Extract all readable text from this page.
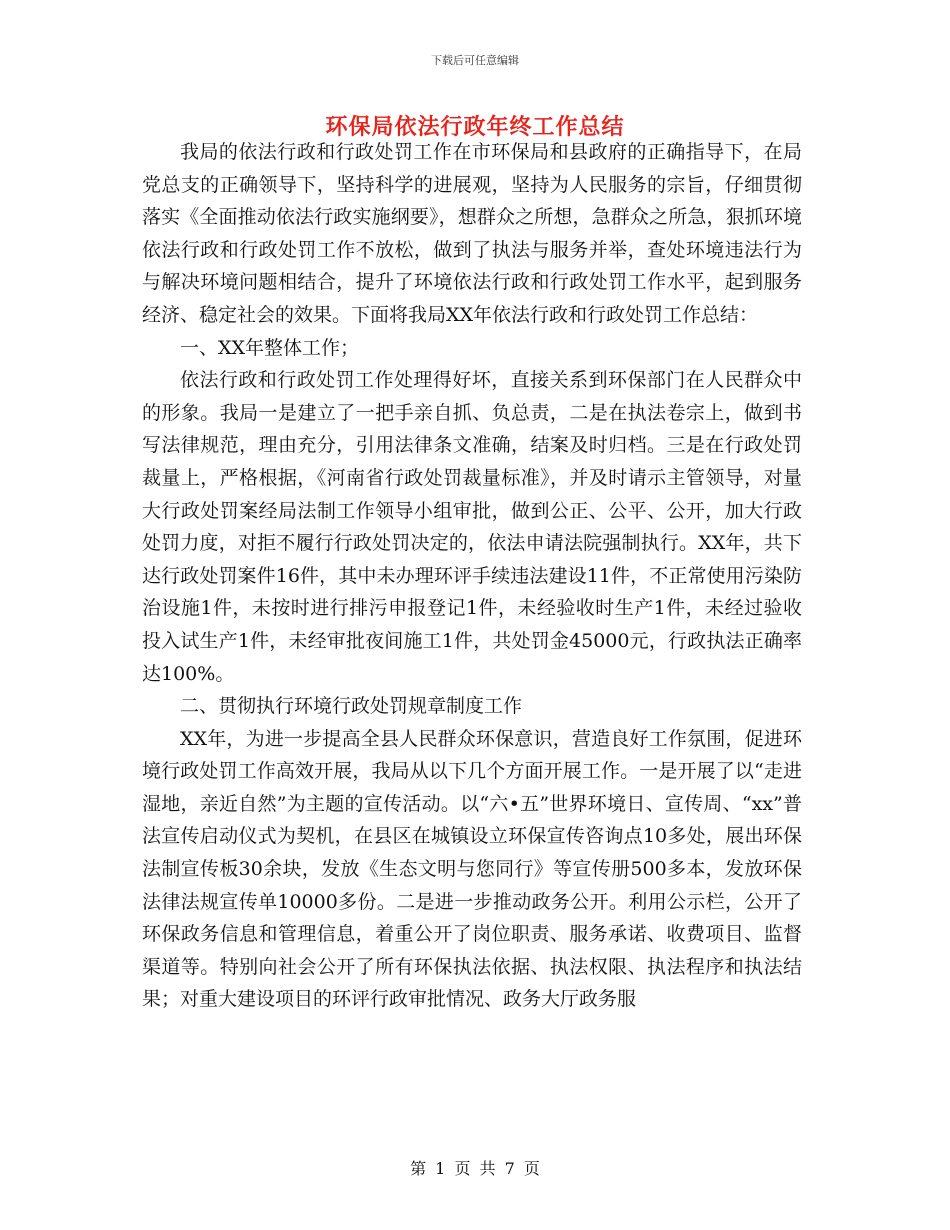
下载后可任意编辑
环保局依法行政年终工作总结

我局的依法行政和行政处罚工作在市环保局和县政府的正确指导下，在局党总支的正确领导下，坚持科学的进展观，坚持为人民服务的宗旨，仔细贯彻落实《全面推动依法行政实施纲要》，想群众之所想，急群众之所急，狠抓环境依法行政和行政处罚工作不放松，做到了执法与服务并举，查处环境违法行为与解决环境问题相结合，提升了环境依法行政和行政处罚工作水平，起到服务经济、稳定社会的效果。下面将我局XX年依法行政和行政处罚工作总结：

一、XX年整体工作；

依法行政和行政处罚工作处理得好坏，直接关系到环保部门在人民群众中的形象。我局一是建立了一把手亲自抓、负总责，二是在执法卷宗上，做到书写法律规范，理由充分，引用法律条文准确，结案及时归档。三是在行政处罚裁量上，严格根据，《河南省行政处罚裁量标准》，并及时请示主管领导，对量大行政处罚案经局法制工作领导小组审批，做到公正、公平、公开，加大行政处罚力度，对拒不履行行政处罚决定的，依法申请法院强制执行。XX年，共下达行政处罚案件16件，其中未办理环评手续违法建设11件，不正常使用污染防治设施1件，未按时进行排污申报登记1件，未经验收时生产1件，未经过验收投入试生产1件，未经审批夜间施工1件，共处罚金45000元，行政执法正确率达100%。

二、贯彻执行环境行政处罚规章制度工作

XX年，为进一步提高全县人民群众环保意识，营造良好工作氛围，促进环境行政处罚工作高效开展，我局从以下几个方面开展工作。一是开展了以“走进湿地，亲近自然”为主题的宣传活动。以“六•五”世界环境日、宣传周、“xx”普法宣传启动仪式为契机，在县区在城镇设立环保宣传咨询点10多处，展出环保法制宣传板30余块，发放《生态文明与您同行》等宣传册500多本，发放环保法律法规宣传单10000多份。二是进一步推动政务公开。利用公示栏，公开了环保政务信息和管理信息，着重公开了岗位职责、服务承诺、收费项目、监督渠道等。特别向社会公开了所有环保执法依据、执法权限、执法程序和执法结果；对重大建设项目的环评行政审批情况、政务大厅政务服

第 1 页 共 7 页
